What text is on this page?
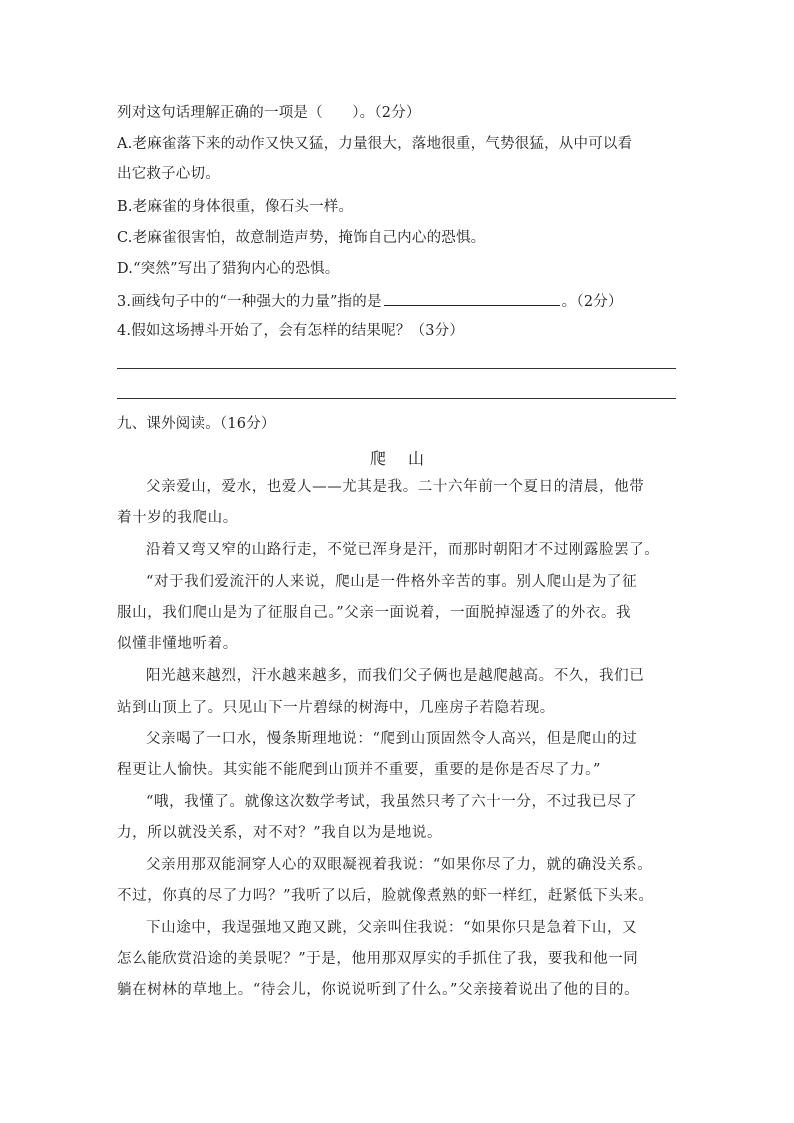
列对这句话理解正确的一项是（　　）。（2分）
A.老麻雀落下来的动作又快又猛，力量很大，落地很重，气势很猛，从中可以看
出它救子心切。
B.老麻雀的身体很重，像石头一样。
C.老麻雀很害怕，故意制造声势，掩饰自己内心的恐惧。
D.“突然”写出了猎狗内心的恐惧。
3.画线句子中的“一种强大的力量”指的是	。（2分）
4.假如这场搏斗开始了，会有怎样的结果呢？（3分）
九、课外阅读。（16分）
爬山
父亲爱山，爱水，也爱人——尤其是我。二十六年前一个夏日的清晨，他带
着十岁的我爬山。
沿着又弯又窄的山路行走，不觉已浑身是汗，而那时朝阳才不过刚露脸罢了。
“对于我们爱流汗的人来说，爬山是一件格外辛苦的事。别人爬山是为了征
服山，我们爬山是为了征服自己。”父亲一面说着，一面脱掉湿透了的外衣。我
似懂非懂地听着。
阳光越来越烈，汗水越来越多，而我们父子俩也是越爬越高。不久，我们已
站到山顶上了。只见山下一片碧绿的树海中，几座房子若隐若现。
父亲喝了一口水，慢条斯理地说：“爬到山顶固然令人高兴，但是爬山的过
程更让人愉快。其实能不能爬到山顶并不重要，重要的是你是否尽了力。”
“哦，我懂了。就像这次数学考试，我虽然只考了六十一分，不过我已尽了
力，所以就没关系，对不对？”我自以为是地说。
父亲用那双能洞穿人心的双眼凝视着我说：“如果你尽了力，就的确没关系。
不过，你真的尽了力吗？”我听了以后，脸就像煮熟的虾一样红，赶紧低下头来。
下山途中，我逞强地又跑又跳，父亲叫住我说：“如果你只是急着下山，又
怎么能欣赏沿途的美景呢？”于是，他用那双厚实的手抓住了我，要我和他一同
躺在树林的草地上。“待会儿，你说说听到了什么。”父亲接着说出了他的目的。
